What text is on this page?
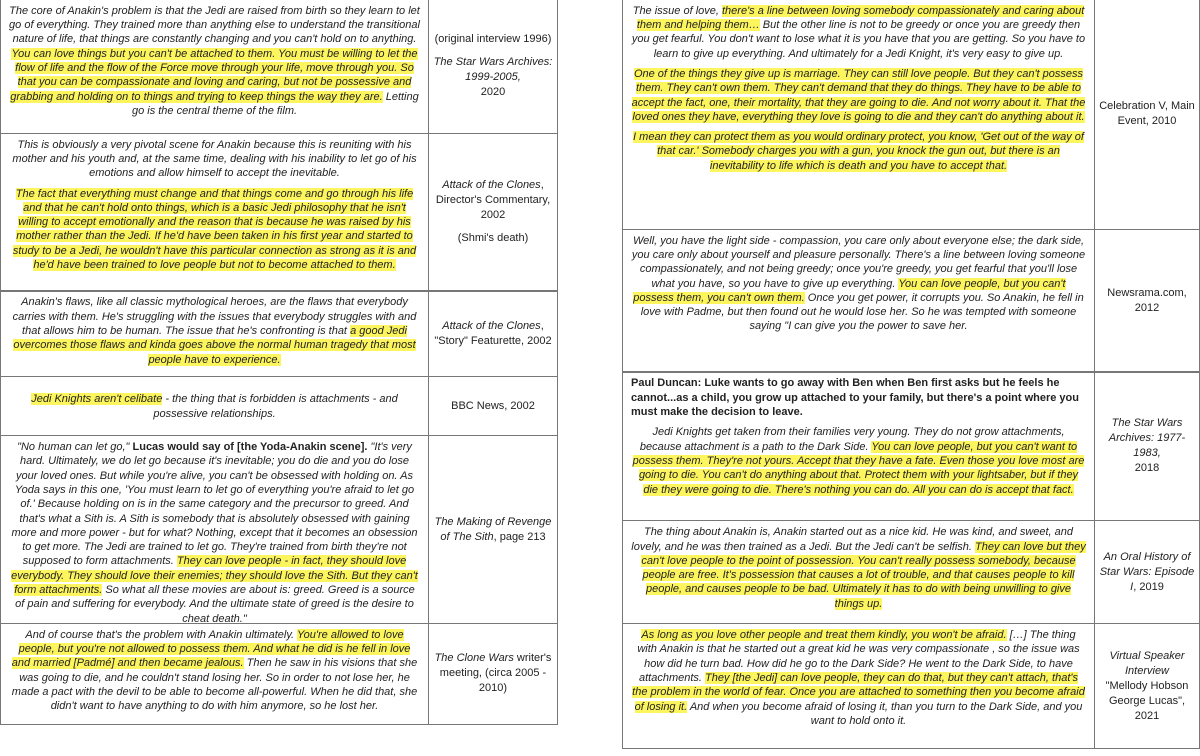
The core of Anakin's problem is that the Jedi are raised from birth so they learn to let go of everything. They trained more than anything else to understand the transitional nature of life, that things are constantly changing and you can't hold on to anything. You can love things but you can't be attached to them. You must be willing to let the flow of life and the flow of the Force move through your life, move through you. So that you can be compassionate and loving and caring, but not be possessive and grabbing and holding on to things and trying to keep things the way they are. Letting go is the central theme of the film.

(original interview 1996)
The Star Wars Archives: 1999-2005,
2020

This is obviously a very pivotal scene for Anakin because this is reuniting with his mother and his youth and, at the same time, dealing with his inability to let go of his emotions and allow himself to accept the inevitable.

The fact that everything must change and that things come and go through his life and that he can't hold onto things, which is a basic Jedi philosophy that he isn't willing to accept emotionally and the reason that is because he was raised by his mother rather than the Jedi. If he'd have been taken in his first year and started to study to be a Jedi, he wouldn't have this particular connection as strong as it is and he'd have been trained to love people but not to become attached to them.

Attack of the Clones, Director's Commentary, 2002
(Shmi's death)

Anakin's flaws, like all classic mythological heroes, are the flaws that everybody carries with them. He's struggling with the issues that everybody struggles with and that allows him to be human. The issue that he's confronting is that a good Jedi overcomes those flaws and kinda goes above the normal human tragedy that most people have to experience.

Attack of the Clones, "Story" Featurette, 2002

Jedi Knights aren't celibate - the thing that is forbidden is attachments - and possessive relationships.

BBC News, 2002

"No human can let go," Lucas would say of [the Yoda-Anakin scene]. "It's very hard. Ultimately, we do let go because it's inevitable; you do die and you do lose your loved ones. But while you're alive, you can't be obsessed with holding on. As Yoda says in this one, 'You must learn to let go of everything you're afraid to let go of.' Because holding on is in the same category and the precursor to greed. And that's what a Sith is. A Sith is somebody that is absolutely obsessed with gaining more and more power - but for what? Nothing, except that it becomes an obsession to get more. The Jedi are trained to let go. They're trained from birth they're not supposed to form attachments. They can love people - in fact, they should love everybody. They should love their enemies; they should love the Sith. But they can't form attachments. So what all these movies are about is: greed. Greed is a source of pain and suffering for everybody. And the ultimate state of greed is the desire to cheat death."

The Making of Revenge of The Sith, page 213

And of course that's the problem with Anakin ultimately. You're allowed to love people, but you're not allowed to possess them. And what he did is he fell in love and married [Padmé] and then became jealous. Then he saw in his visions that she was going to die, and he couldn't stand losing her. So in order to not lose her, he made a pact with the devil to be able to become all-powerful. When he did that, she didn't want to have anything to do with him anymore, so he lost her.

The Clone Wars writer's meeting, (circa 2005 - 2010)

The issue of love, there's a line between loving somebody compassionately and caring about them and helping them… But the other line is not to be greedy or once you are greedy then you get fearful. You don't want to lose what it is you have that you are getting. So you have to learn to give up everything. And ultimately for a Jedi Knight, it's very easy to give up.

One of the things they give up is marriage. They can still love people. But they can't possess them. They can't own them. They can't demand that they do things. They have to be able to accept the fact, one, their mortality, that they are going to die. And not worry about it. That the loved ones they have, everything they love is going to die and they can't do anything about it.

I mean they can protect them as you would ordinary protect, you know, 'Get out of the way of that car.' Somebody charges you with a gun, you knock the gun out, but there is an inevitability to life which is death and you have to accept that.

Celebration V, Main Event, 2010

Well, you have the light side - compassion, you care only about everyone else; the dark side, you care only about yourself and pleasure personally. There's a line between loving someone compassionately, and not being greedy; once you're greedy, you get fearful that you'll lose what you have, so you have to give up everything. You can love people, but you can't possess them, you can't own them. Once you get power, it corrupts you. So Anakin, he fell in love with Padme, but then found out he would lose her. So he was tempted with someone saying "I can give you the power to save her.

Newsrama.com, 2012

Paul Duncan: Luke wants to go away with Ben when Ben first asks but he feels he cannot...as a child, you grow up attached to your family, but there's a point where you must make the decision to leave.

Jedi Knights get taken from their families very young. They do not grow attachments, because attachment is a path to the Dark Side. You can love people, but you can't want to possess them. They're not yours. Accept that they have a fate. Even those you love most are going to die. You can't do anything about that. Protect them with your lightsaber, but if they die they were going to die. There's nothing you can do. All you can do is accept that fact.

The Star Wars Archives: 1977-1983,
2018

The thing about Anakin is, Anakin started out as a nice kid. He was kind, and sweet, and lovely, and he was then trained as a Jedi. But the Jedi can't be selfish. They can love but they can't love people to the point of possession. You can't really possess somebody, because people are free. It's possession that causes a lot of trouble, and that causes people to kill people, and causes people to be bad. Ultimately it has to do with being unwilling to give things up.

An Oral History of Star Wars: Episode I, 2019

As long as you love other people and treat them kindly, you won't be afraid. […] The thing with Anakin is that he started out a great kid he was very compassionate , so the issue was how did he turn bad. How did he go to the Dark Side? He went to the Dark Side, to have attachments. They [the Jedi] can love people, they can do that, but they can't attach, that's the problem in the world of fear. Once you are attached to something then you become afraid of losing it. And when you become afraid of losing it, than you turn to the Dark Side, and you want to hold onto it.

Virtual Speaker Interview
"Mellody Hobson George Lucas", 2021
